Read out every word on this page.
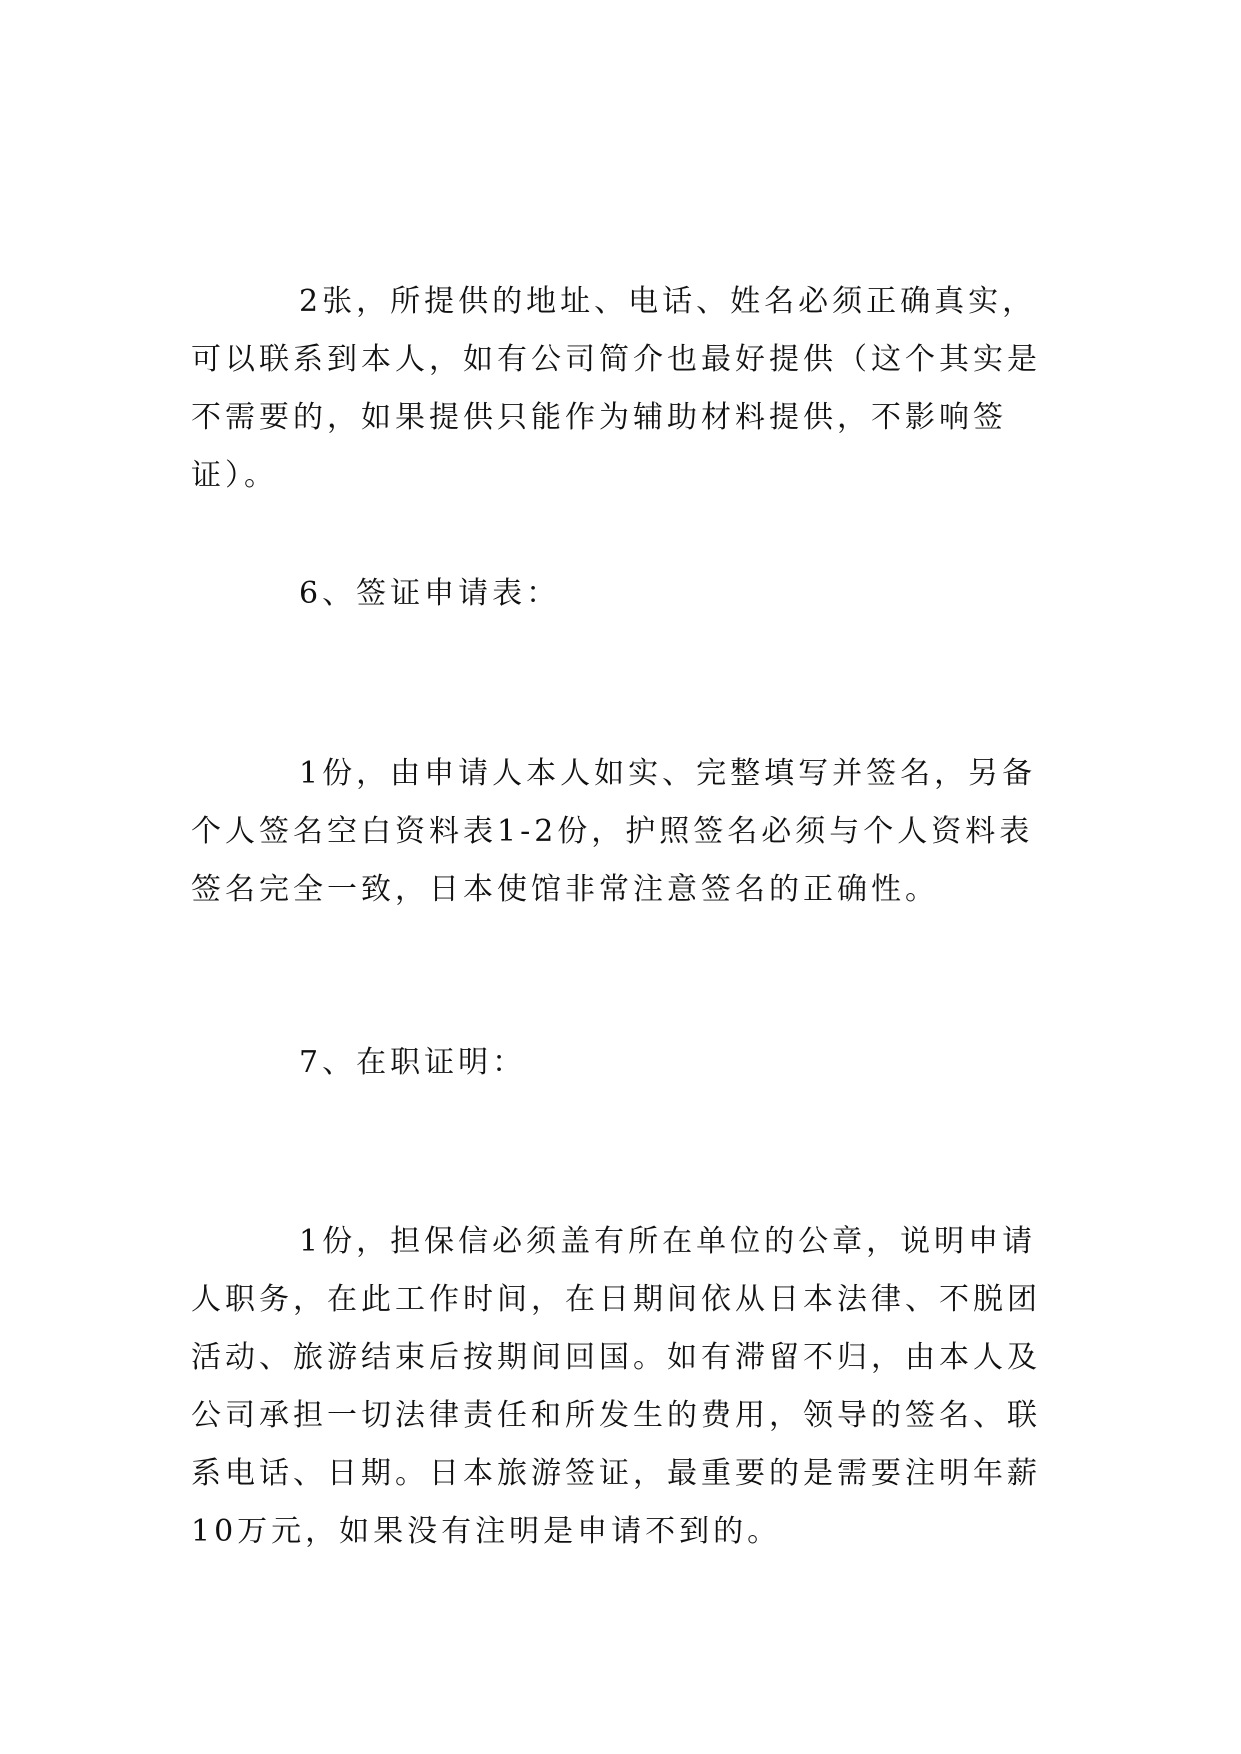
2张，所提供的地址、电话、姓名必须正确真实，可以联系到本人，如有公司简介也最好提供（这个其实是不需要的，如果提供只能作为辅助材料提供，不影响签证）。

6、签证申请表：

1份，由申请人本人如实、完整填写并签名，另备个人签名空白资料表1-2份，护照签名必须与个人资料表签名完全一致，日本使馆非常注意签名的正确性。

7、在职证明：

1份，担保信必须盖有所在单位的公章，说明申请人职务，在此工作时间，在日期间依从日本法律、不脱团活动、旅游结束后按期间回国。如有滞留不归，由本人及公司承担一切法律责任和所发生的费用，领导的签名、联系电话、日期。日本旅游签证，最重要的是需要注明年薪10万元，如果没有注明是申请不到的。
